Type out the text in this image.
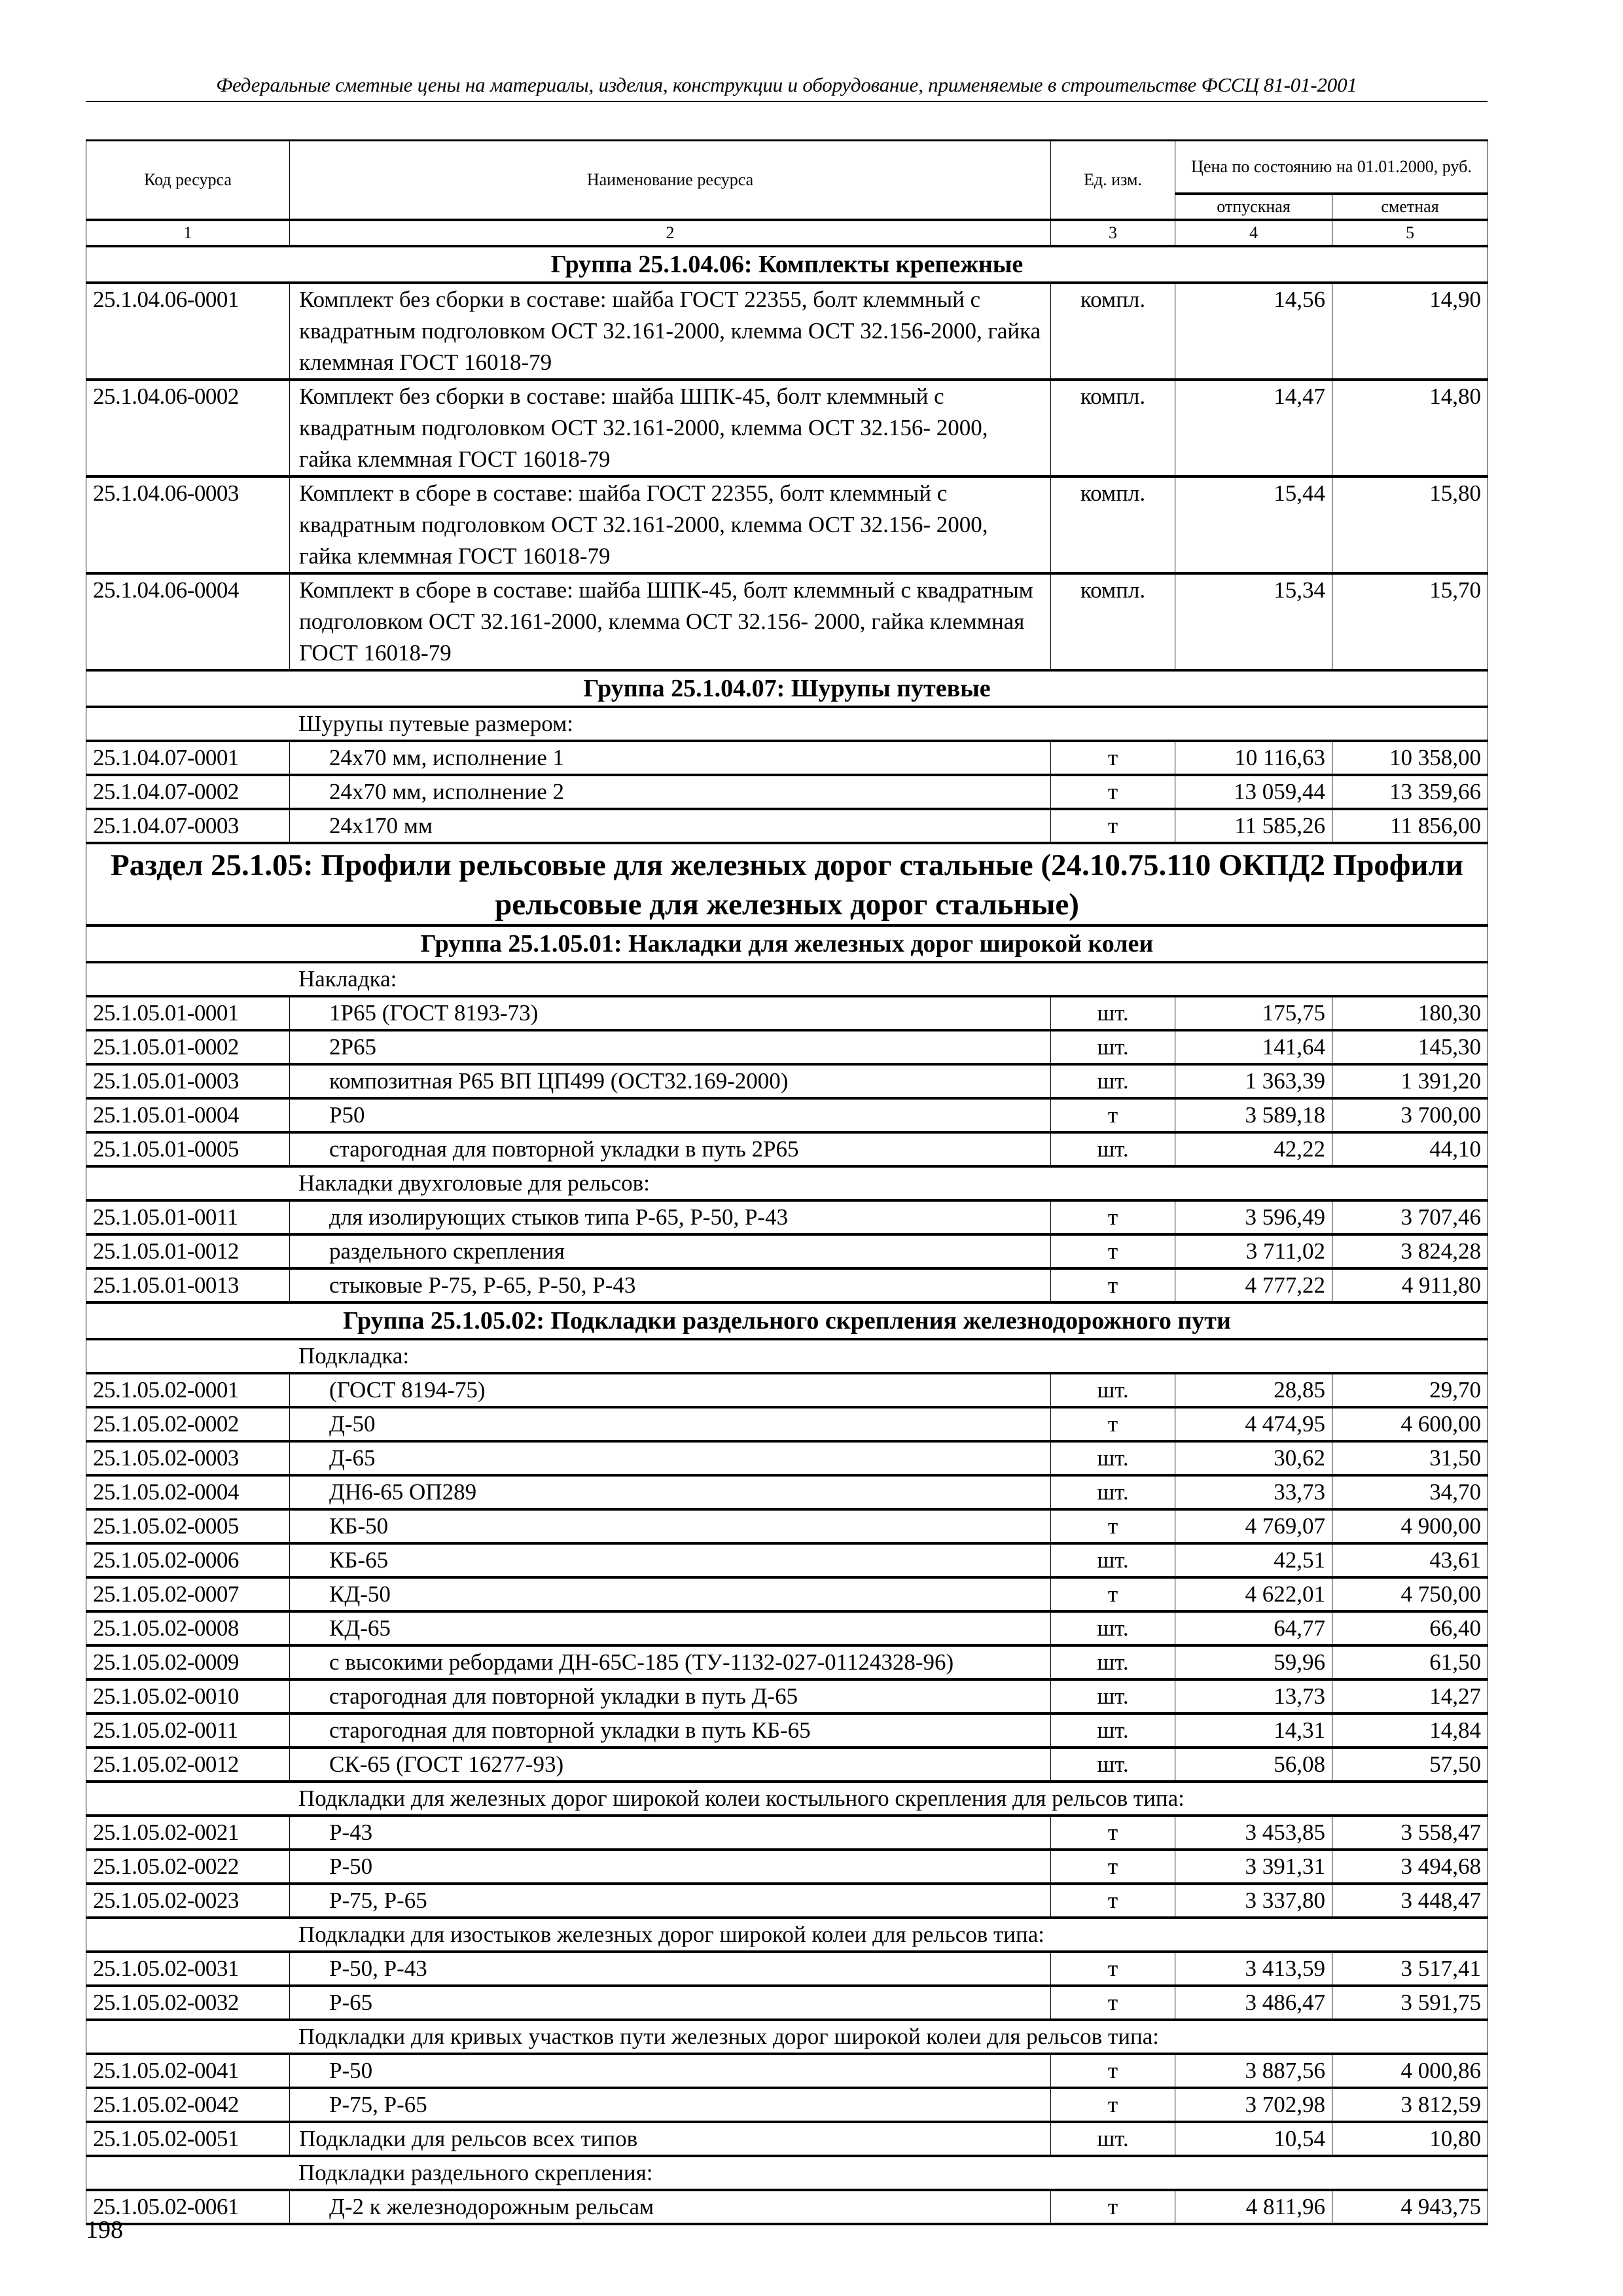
Федеральные сметные цены на материалы, изделия, конструкции и оборудование, применяемые в строительстве ФССЦ 81-01-2001
Код ресурса	Наименование ресурса	Ед. изм.	Цена по состоянию на 01.01.2000, руб.	
			отпускная	сметная
1	2	3	4	5
Группа 25.1.04.06: Комплекты крепежные				
25.1.04.06-0001	Комплект без сборки в составе: шайба ГОСТ 22355, болт клеммный с квадратным подголовком ОСТ 32.161-2000, клемма ОСТ 32.156-2000, гайка клеммная ГОСТ 16018-79	компл.	14,56	14,90
25.1.04.06-0002	Комплект без сборки в составе: шайба ШПК-45, болт клеммный с квадратным подголовком ОСТ 32.161-2000, клемма ОСТ 32.156- 2000, гайка клеммная ГОСТ 16018-79	компл.	14,47	14,80
25.1.04.06-0003	Комплект в сборе в составе: шайба ГОСТ 22355, болт клеммный с квадратным подголовком ОСТ 32.161-2000, клемма ОСТ 32.156- 2000, гайка клеммная ГОСТ 16018-79	компл.	15,44	15,80
25.1.04.06-0004	Комплект в сборе в составе: шайба ШПК-45, болт клеммный с квадратным подголовком ОСТ 32.161-2000, клемма ОСТ 32.156- 2000, гайка клеммная ГОСТ 16018-79	компл.	15,34	15,70
Группа 25.1.04.07: Шурупы путевые				
Шурупы путевые размером:				
25.1.04.07-0001	24х70 мм, исполнение 1	т	10 116,63	10 358,00
25.1.04.07-0002	24х70 мм, исполнение 2	т	13 059,44	13 359,66
25.1.04.07-0003	24х170 мм	т	11 585,26	11 856,00
Раздел 25.1.05: Профили рельсовые для железных дорог стальные (24.10.75.110 ОКПД2 Профили рельсовые для железных дорог стальные)				
Группа 25.1.05.01: Накладки для железных дорог широкой колеи				
Накладка:				
25.1.05.01-0001	1Р65 (ГОСТ 8193-73)	шт.	175,75	180,30
25.1.05.01-0002	2Р65	шт.	141,64	145,30
25.1.05.01-0003	композитная Р65 ВП ЦП499 (ОСТ32.169-2000)	шт.	1 363,39	1 391,20
25.1.05.01-0004	Р50	т	3 589,18	3 700,00
25.1.05.01-0005	старогодная для повторной укладки в путь 2Р65	шт.	42,22	44,10
Накладки двухголовые для рельсов:				
25.1.05.01-0011	для изолирующих стыков типа Р-65, Р-50, Р-43	т	3 596,49	3 707,46
25.1.05.01-0012	раздельного скрепления	т	3 711,02	3 824,28
25.1.05.01-0013	стыковые Р-75, Р-65, Р-50, Р-43	т	4 777,22	4 911,80
Группа 25.1.05.02: Подкладки раздельного скрепления железнодорожного пути				
Подкладка:				
25.1.05.02-0001	(ГОСТ 8194-75)	шт.	28,85	29,70
25.1.05.02-0002	Д-50	т	4 474,95	4 600,00
25.1.05.02-0003	Д-65	шт.	30,62	31,50
25.1.05.02-0004	ДН6-65 ОП289	шт.	33,73	34,70
25.1.05.02-0005	КБ-50	т	4 769,07	4 900,00
25.1.05.02-0006	КБ-65	шт.	42,51	43,61
25.1.05.02-0007	КД-50	т	4 622,01	4 750,00
25.1.05.02-0008	КД-65	шт.	64,77	66,40
25.1.05.02-0009	с высокими ребордами ДН-65С-185 (ТУ-1132-027-01124328-96)	шт.	59,96	61,50
25.1.05.02-0010	старогодная для повторной укладки в путь Д-65	шт.	13,73	14,27
25.1.05.02-0011	старогодная для повторной укладки в путь КБ-65	шт.	14,31	14,84
25.1.05.02-0012	СК-65 (ГОСТ 16277-93)	шт.	56,08	57,50
Подкладки для железных дорог широкой колеи костыльного скрепления для рельсов типа:				
25.1.05.02-0021	Р-43	т	3 453,85	3 558,47
25.1.05.02-0022	Р-50	т	3 391,31	3 494,68
25.1.05.02-0023	Р-75, Р-65	т	3 337,80	3 448,47
Подкладки для изостыков железных дорог широкой колеи для рельсов типа:				
25.1.05.02-0031	Р-50, Р-43	т	3 413,59	3 517,41
25.1.05.02-0032	Р-65	т	3 486,47	3 591,75
Подкладки для кривых участков пути железных дорог широкой колеи для рельсов типа:				
25.1.05.02-0041	Р-50	т	3 887,56	4 000,86
25.1.05.02-0042	Р-75, Р-65	т	3 702,98	3 812,59
25.1.05.02-0051	Подкладки для рельсов всех типов	шт.	10,54	10,80
Подкладки раздельного скрепления:				
25.1.05.02-0061	Д-2 к железнодорожным рельсам	т	4 811,96	4 943,75
198
